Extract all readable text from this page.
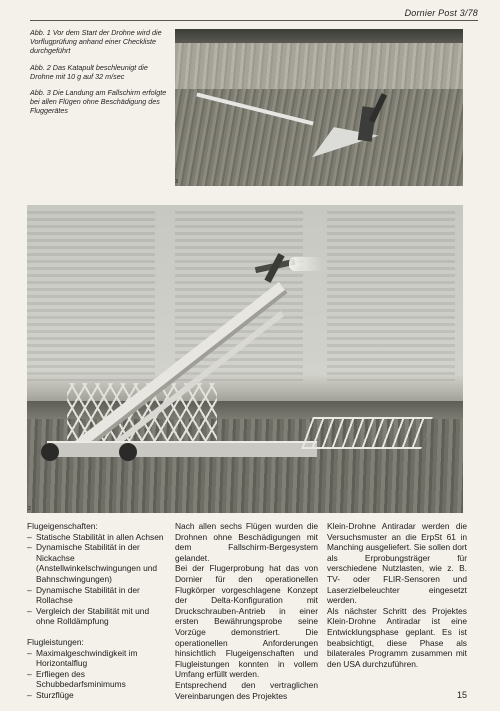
Dornier Post 3/78

Abb. 1 Vor dem Start der Drohne wird die Vorflugprüfung anhand einer Checkliste durchgeführt

Abb. 2 Das Katapult beschleunigt die Drohne mit 10 g auf 32 m/sec

Abb. 3 Die Landung am Fallschirm erfolgte bei allen Flügen ohne Beschädigung des Fluggerätes

3
2

Flugeigenschaften:

– Statische Stabilität in allen Achsen
– Dynamische Stabilität in der Nickachse (Anstellwinkelschwingungen und Bahnschwingungen)
– Dynamische Stabilität in der Rollachse
– Vergleich der Stabilität mit und ohne Rolldämpfung

Flugleistungen:

– Maximalgeschwindigkeit im Horizontalflug
– Erfliegen des Schubbedarfsminimums
– Sturzflüge

Nach allen sechs Flügen wurden die Drohnen ohne Beschädigungen mit dem Fallschirm-Bergesystem gelandet.

Bei der Flugerprobung hat das von Dornier für den operationellen Flugkörper vorgeschlagene Konzept der Delta-Konfiguration mit Druckschrauben-Antrieb in einer ersten Bewährungsprobe seine Vorzüge demonstriert. Die operationellen Anforderungen hinsichtlich Flugeigenschaften und Flugleistungen konnten in vollem Umfang erfüllt werden.

Entsprechend den vertraglichen Vereinbarungen des Projektes

Klein-Drohne Antiradar werden die Versuchsmuster an die ErpSt 61 in Manching ausgeliefert. Sie sollen dort als Erprobungsträger für verschiedene Nutzlasten, wie z. B. TV- oder FLIR-Sensoren und Laserzielbeleuchter eingesetzt werden.

Als nächster Schritt des Projektes Klein-Drohne Antiradar ist eine Entwicklungsphase geplant. Es ist beabsichtigt, diese Phase als bilaterales Programm zusammen mit den USA durchzuführen.

15
